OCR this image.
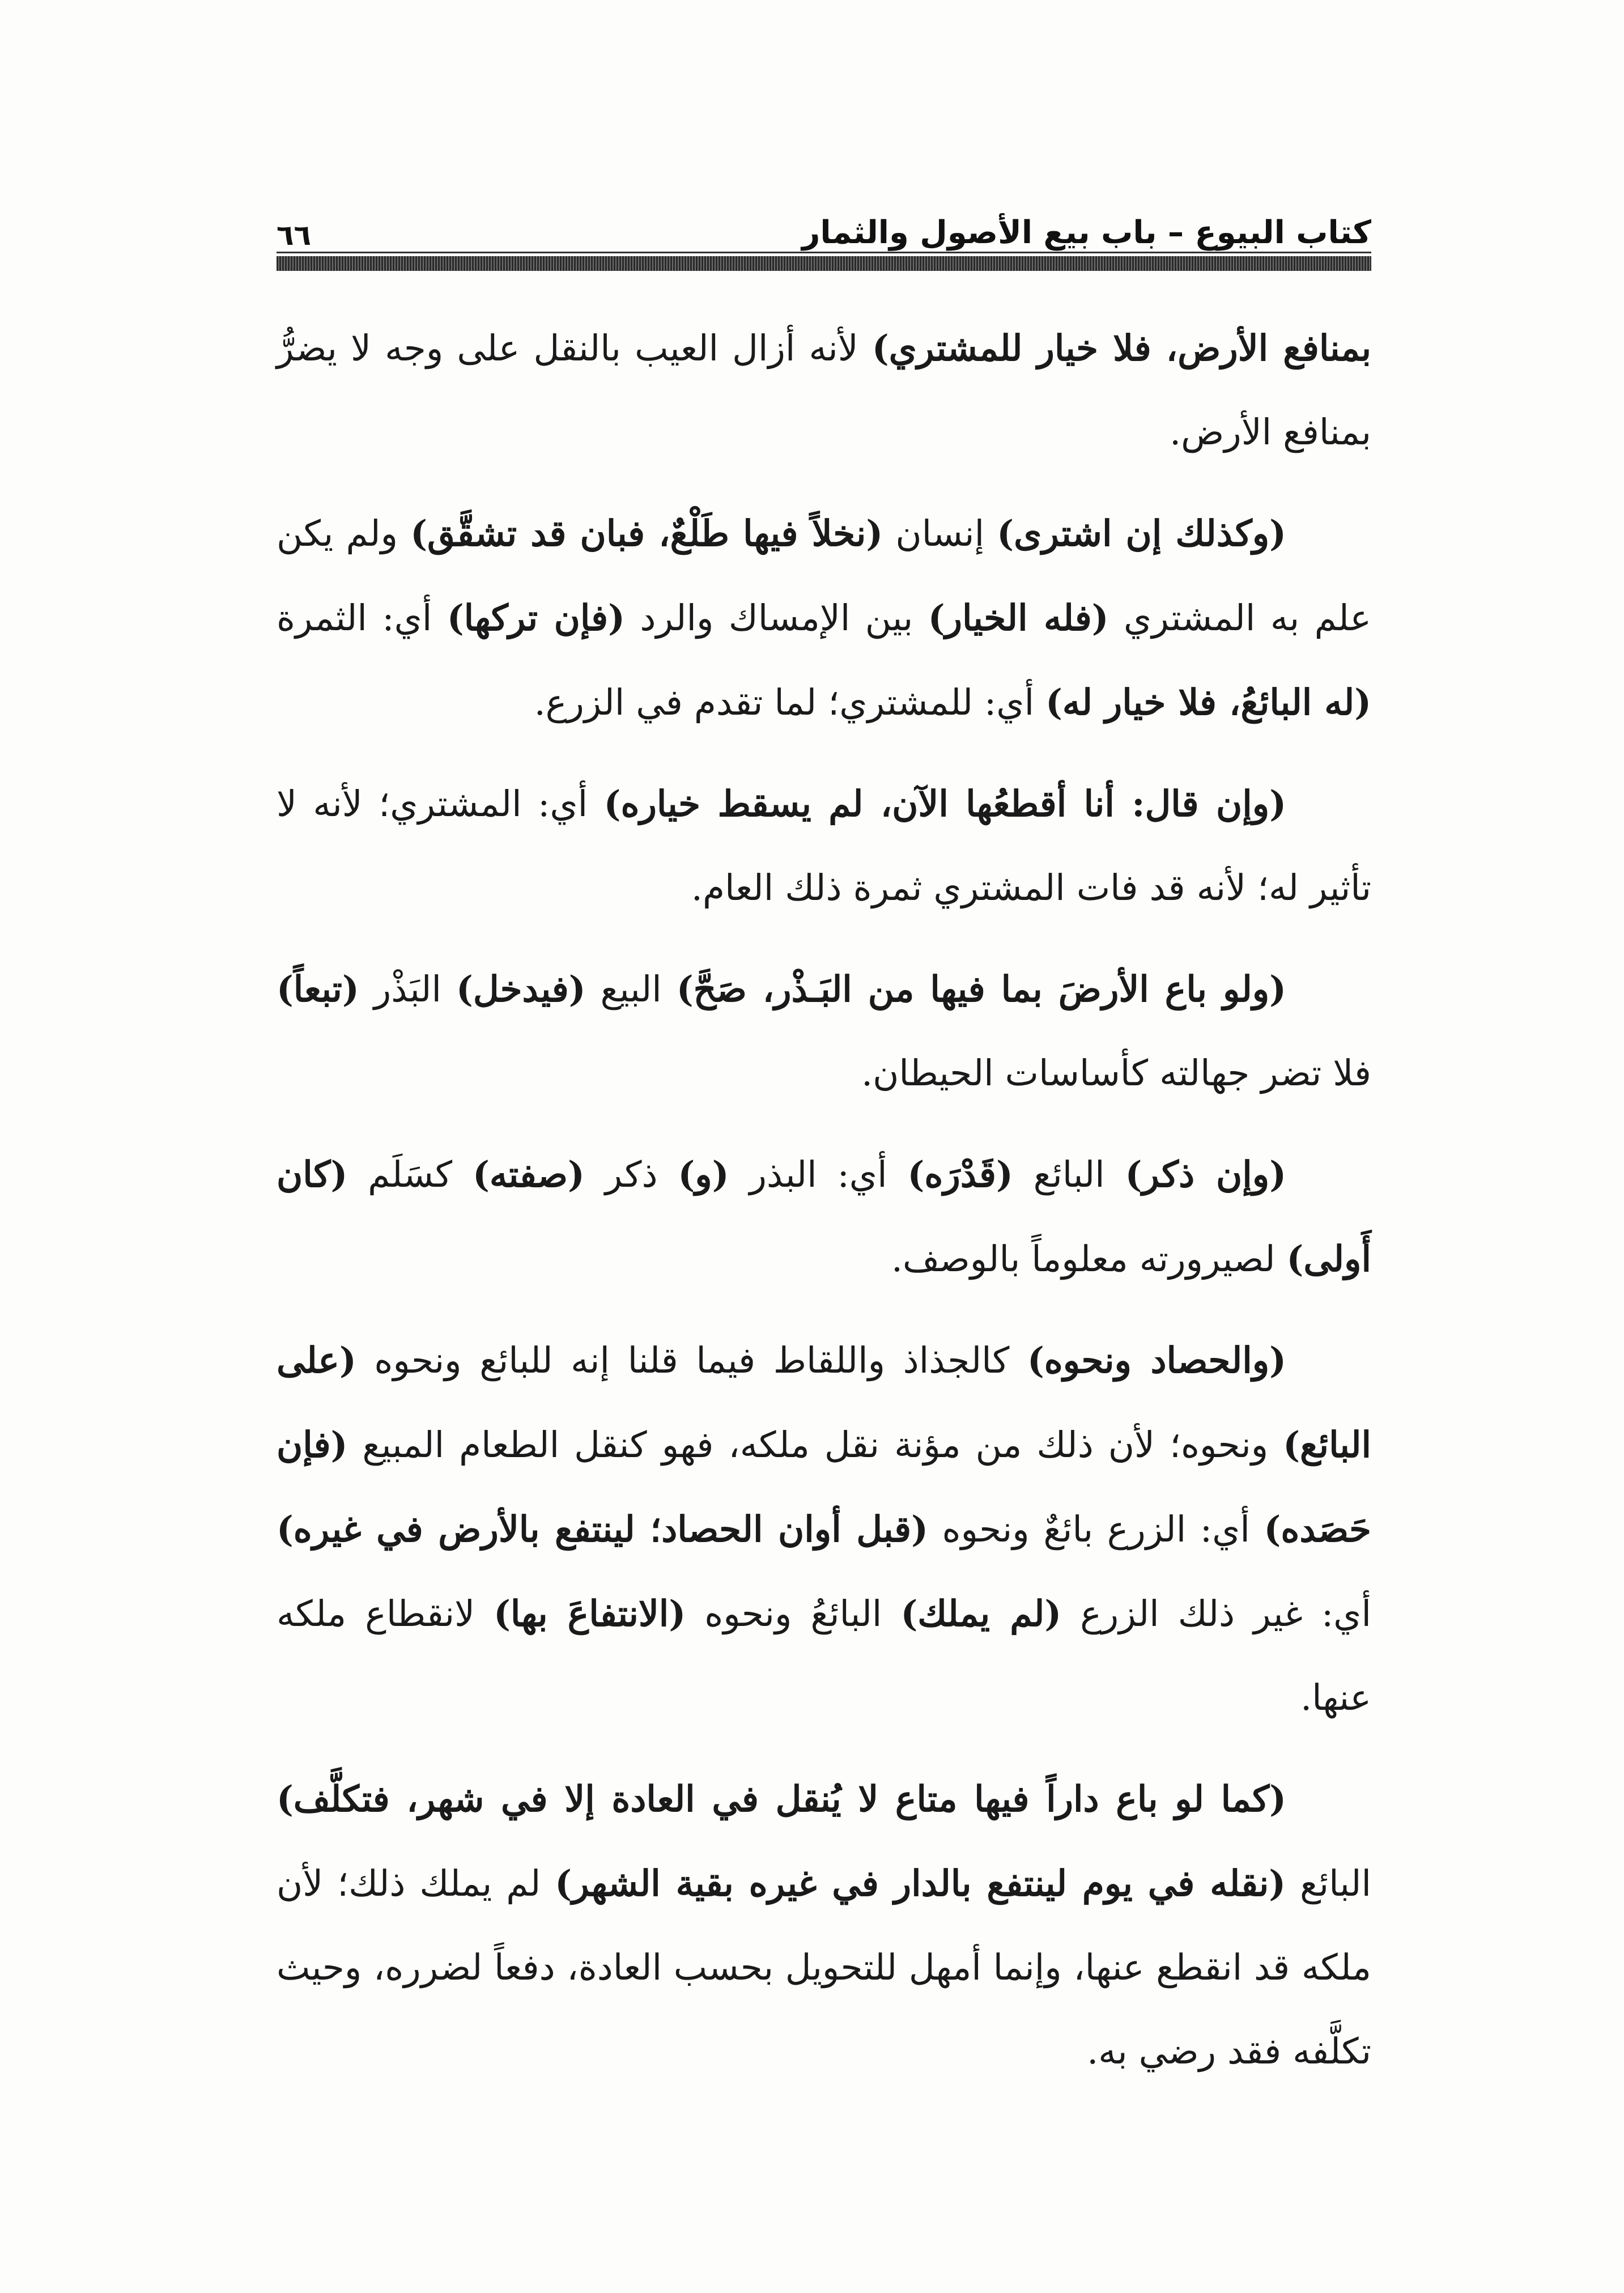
كتاب البيوع – باب بيع الأصول والثمار
٦٦

بمنافع الأرض، فلا خيار للمشتري) لأنه أزال العيب بالنقل على وجه لا يضرُّ بمنافع الأرض.

(وكذلك إن اشترى) إنسان (نخلاً فيها طَلْعٌ، فبان قد تشقَّق) ولم يكن علم به المشتري (فله الخيار) بين الإمساك والرد (فإن تركها) أي: الثمرة (له البائعُ، فلا خيار له) أي: للمشتري؛ لما تقدم في الزرع.

(وإن قال: أنا أقطعُها الآن، لم يسقط خياره) أي: المشتري؛ لأنه لا تأثير له؛ لأنه قد فات المشتري ثمرة ذلك العام.

(ولو باع الأرضَ بما فيها من البَـذْر، صَحَّ) البيع (فيدخل) البَذْر (تبعاً) فلا تضر جهالته كأساسات الحيطان.

(وإن ذكر) البائع (قَدْرَه) أي: البذر (و) ذكر (صفته) كسَلَم (كان أَولى) لصيرورته معلوماً بالوصف.

(والحصاد ونحوه) كالجذاذ واللقاط فيما قلنا إنه للبائع ونحوه (على البائع) ونحوه؛ لأن ذلك من مؤنة نقل ملكه، فهو كنقل الطعام المبيع (فإن حَصَده) أي: الزرع بائعٌ ونحوه (قبل أوان الحصاد؛ لينتفع بالأرض في غيره) أي: غير ذلك الزرع (لم يملك) البائعُ ونحوه (الانتفاعَ بها) لانقطاع ملكه عنها.

(كما لو باع داراً فيها متاع لا يُنقل في العادة إلا في شهر، فتكلَّف) البائع (نقله في يوم لينتفع بالدار في غيره بقية الشهر) لم يملك ذلك؛ لأن ملكه قد انقطع عنها، وإنما أمهل للتحويل بحسب العادة، دفعاً لضرره، وحيث تكلَّفه فقد رضي به.
